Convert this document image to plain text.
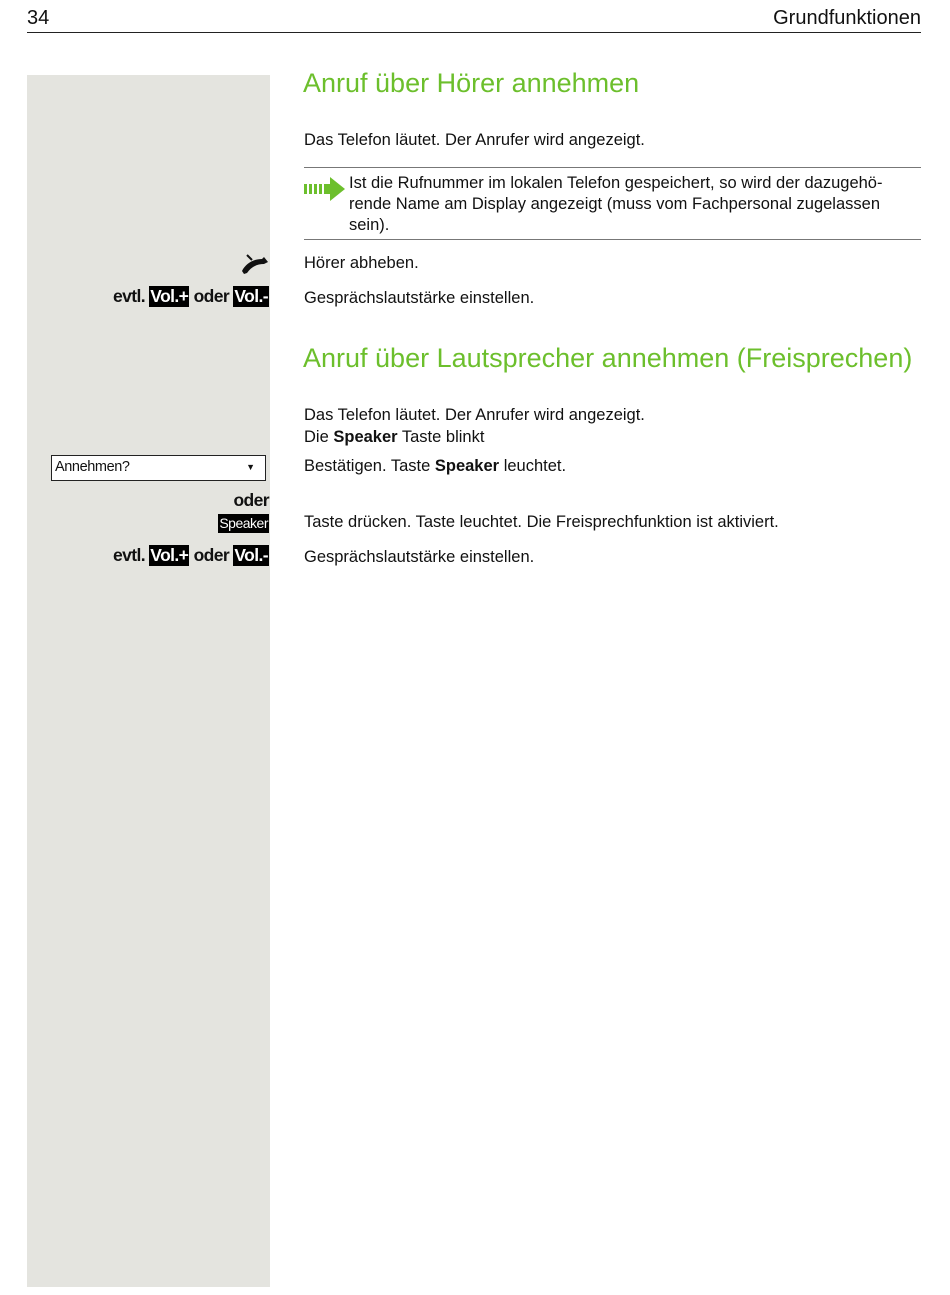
34	Grundfunktionen
Anruf über Hörer annehmen
Das Telefon läutet. Der Anrufer wird angezeigt.
Ist die Rufnummer im lokalen Telefon gespeichert, so wird der dazugehö-
rende Name am Display angezeigt (muss vom Fachpersonal zugelassen
sein).
Hörer abheben.
evtl. Vol.+ oder Vol.- Gesprächslautstärke einstellen.
Anruf über Lautsprecher annehmen (Freisprechen)
Das Telefon läutet. Der Anrufer wird angezeigt.
Die Speaker Taste blinkt
Annehmen?	▼	Bestätigen. Taste Speaker leuchtet.
oder
Speaker Taste drücken. Taste leuchtet. Die Freisprechfunktion ist aktiviert.
evtl. Vol.+ oder Vol.- Gesprächslautstärke einstellen.
